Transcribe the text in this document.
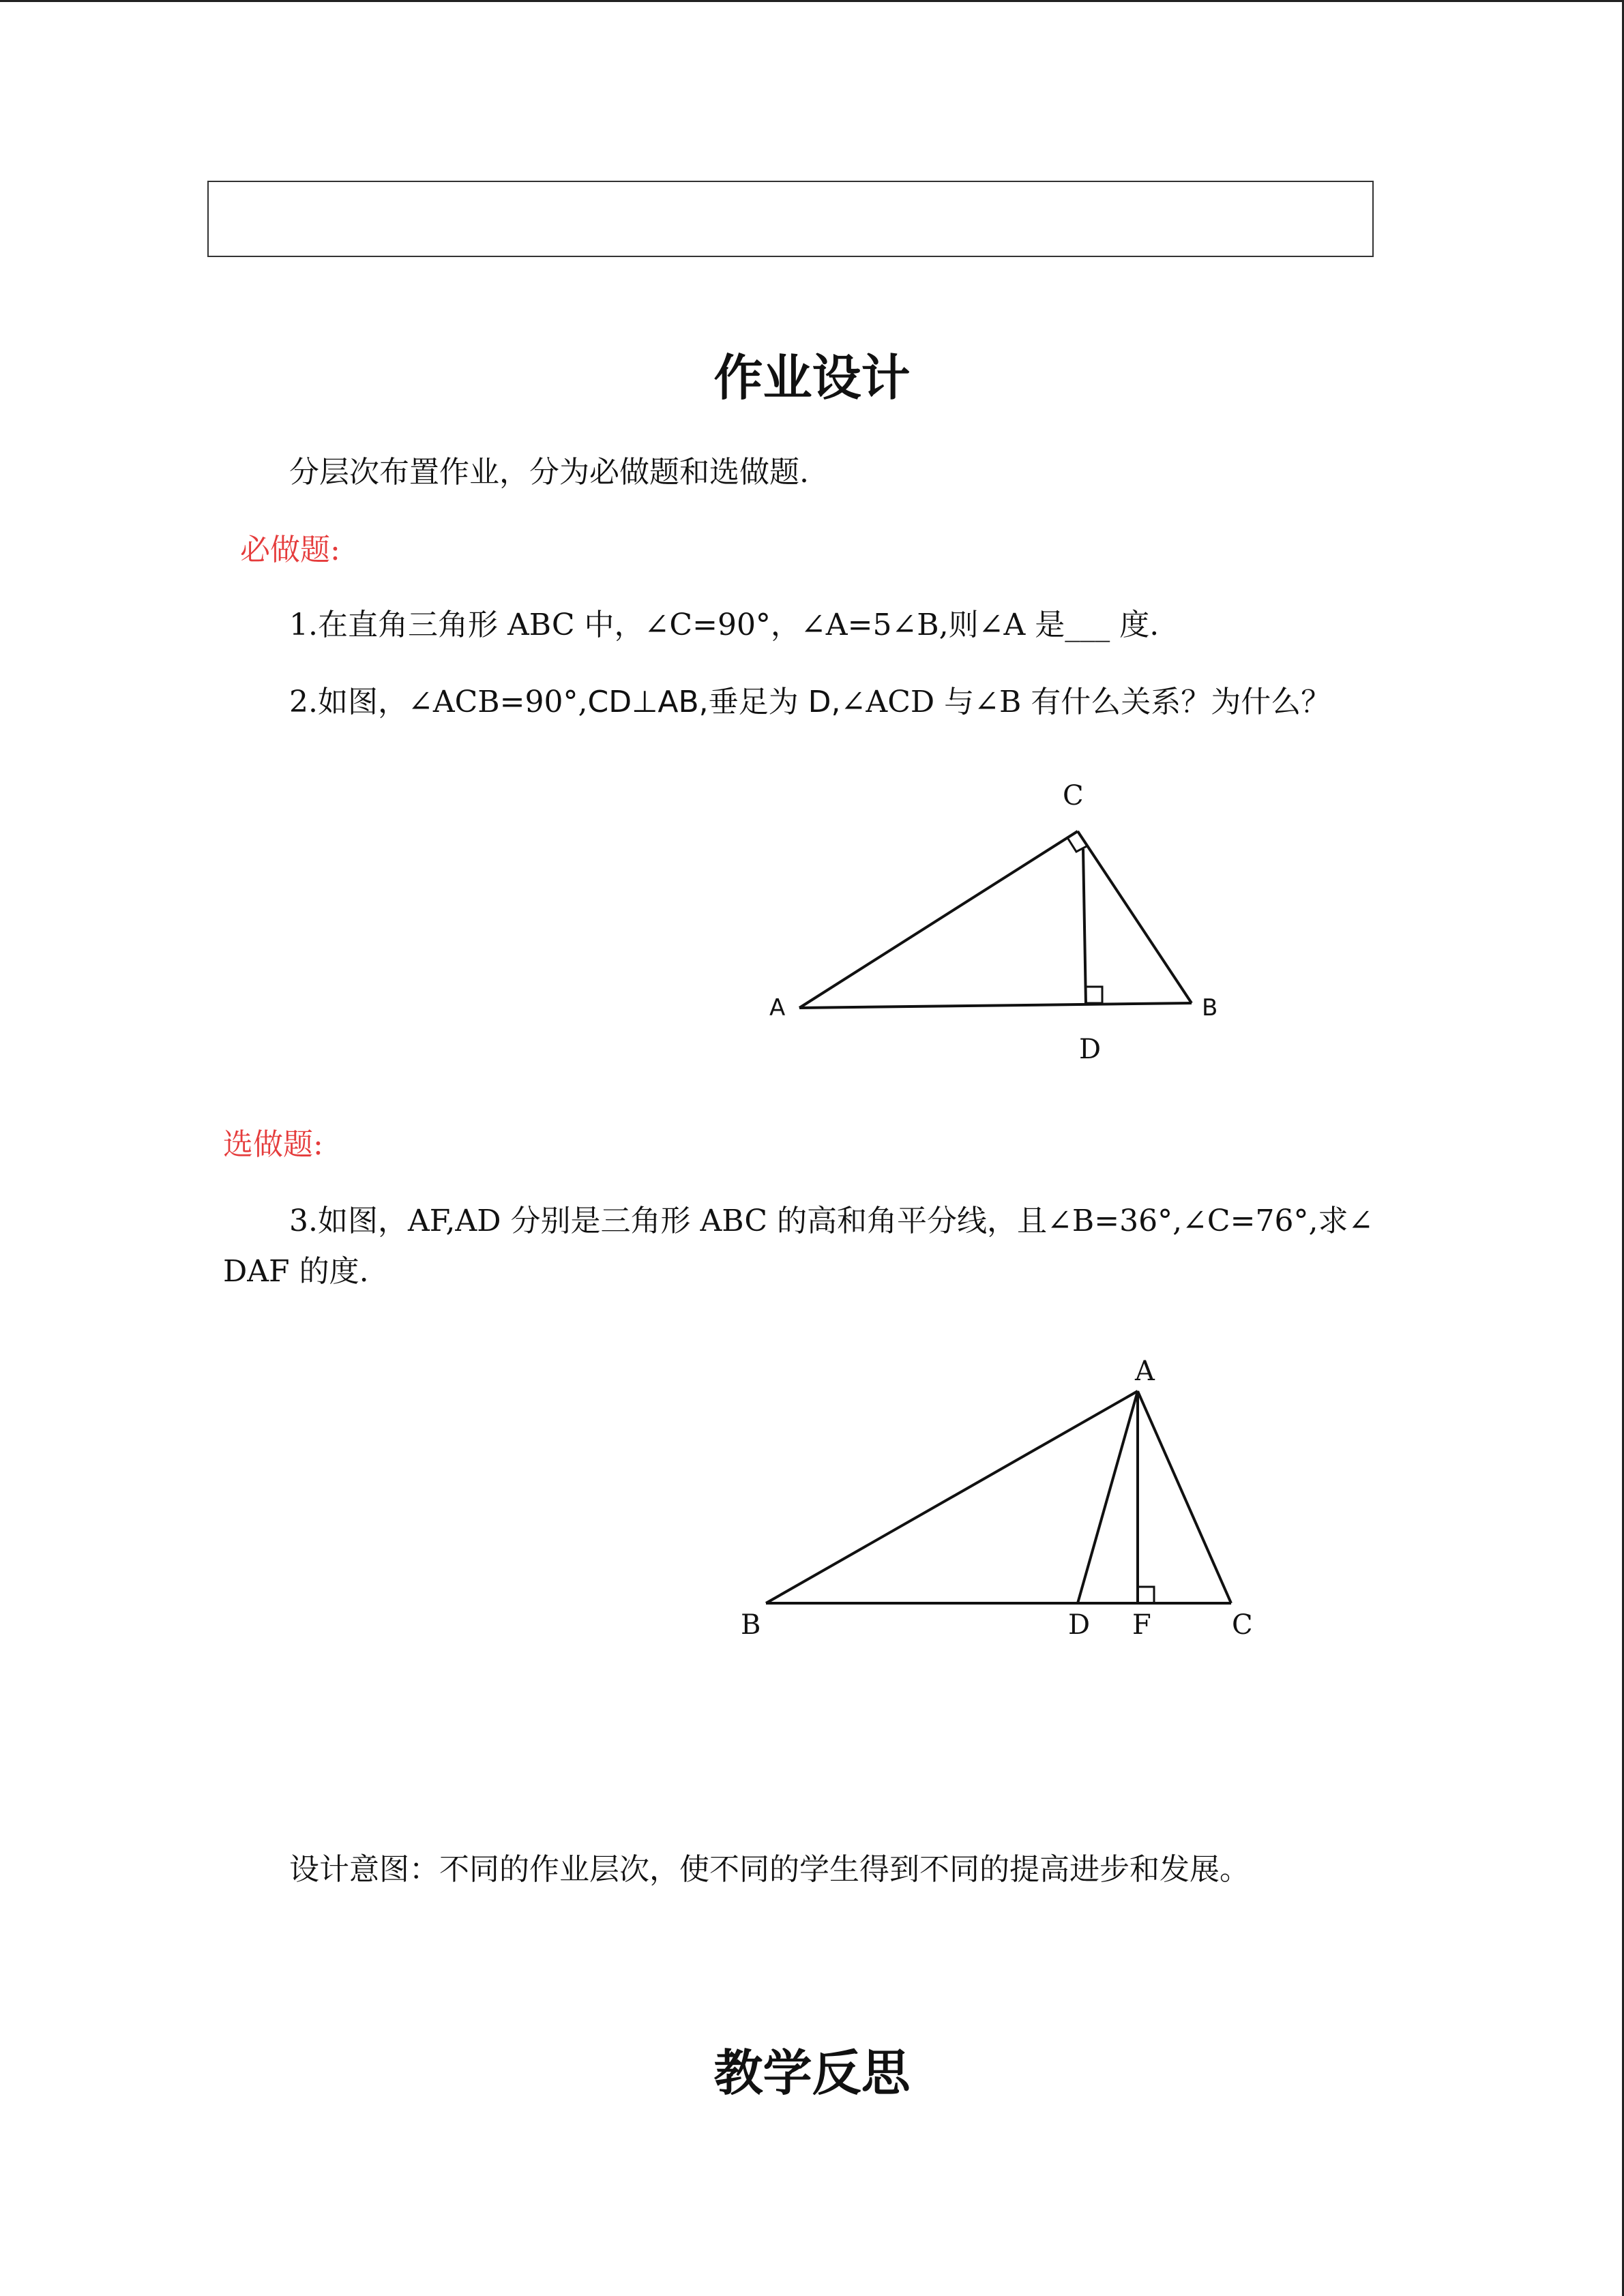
作业设计
分层次布置作业，分为必做题和选做题.
必做题:
1.在直角三角形 ABC 中，∠C=90°，∠A=5∠B,则∠A 是___ 度.
2.如图，∠ACB=90°,CD⊥AB,垂足为 D,∠ACD 与∠B 有什么关系？为什么？
C
A	B
D
选做题:
3.如图，AF,AD 分别是三角形 ABC 的高和角平分线，且∠B=36°,∠C=76°,求∠
DAF 的度.
A
B	D F	C
设计意图：不同的作业层次，使不同的学生得到不同的提高进步和发展。
教学反思
